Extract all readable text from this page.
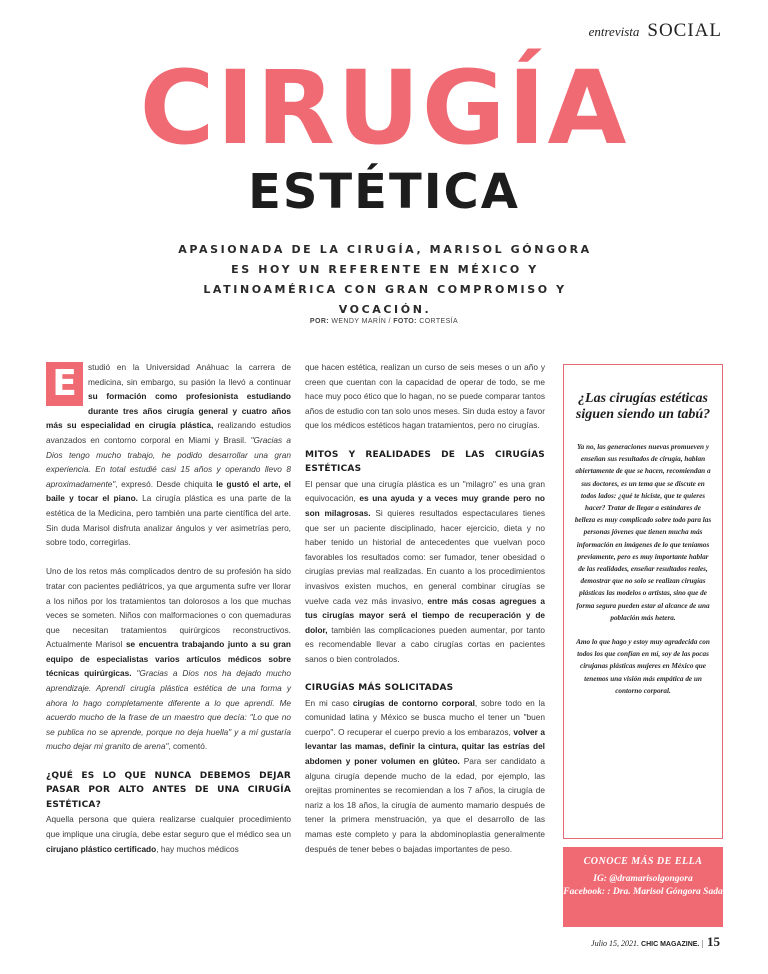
entrevista SOCIAL
CIRUGÍA
ESTÉTICA
APASIONADA DE LA CIRUGÍA, MARISOL GÓNGORA ES HOY UN REFERENTE EN MÉXICO Y LATINOAMÉRICA CON GRAN COMPROMISO Y VOCACIÓN.
POR: WENDY MARÍN / FOTO: CORTESÍA

E	studió en la Universidad Anáhuac la carrera de medicina, sin embargo, su pasión la llevó a continuar su formación como profesionista estudiando durante tres años cirugía general y cuatro años más su especialidad en cirugía plástica, realizando estudios avanzados en contorno corporal en Miami y Brasil. "Gracias a Dios tengo mucho trabajo, he podido desarrollar una gran experiencia. En total estudié casi 15 años y operando llevo 8 aproximadamente", expresó. Desde chiquita le gustó el arte, el baile y tocar el piano. La cirugía plástica es una parte de la estética de la Medicina, pero también una parte científica del arte. Sin duda Marisol disfruta analizar ángulos y ver asimetrías pero, sobre todo, corregirlas.

Uno de los retos más complicados dentro de su profesión ha sido tratar con pacientes pediátricos, ya que argumenta sufre ver llorar a los niños por los tratamientos tan dolorosos a los que muchas veces se someten. Niños con malformaciones o con quemaduras que necesitan tratamientos quirúrgicos reconstructivos. Actualmente Marisol se encuentra trabajando junto a su gran equipo de especialistas varios artículos médicos sobre técnicas quirúrgicas. "Gracias a Dios nos ha dejado mucho aprendizaje. Aprendí cirugía plástica estética de una forma y ahora lo hago completamente diferente a lo que aprendí. Me acuerdo mucho de la frase de un maestro que decía: "Lo que no se publica no se aprende, porque no deja huella" y a mí gustaría mucho dejar mi granito de arena", comentó.

¿QUÉ ES LO QUE NUNCA DEBEMOS DEJAR PASAR POR ALTO ANTES DE UNA CIRUGÍA ESTÉTICA?

Aquella persona que quiera realizarse cualquier procedimiento que implique una cirugía, debe estar seguro que el médico sea un cirujano plástico certificado, hay muchos médicos

que hacen estética, realizan un curso de seis meses o un año y creen que cuentan con la capacidad de operar de todo, se me hace muy poco ético que lo hagan, no se puede comparar tantos años de estudio con tan solo unos meses. Sin duda estoy a favor que los médicos estéticos hagan tratamientos, pero no cirugías.

MITOS Y REALIDADES DE LAS CIRUGÍAS ESTÉTICAS

El pensar que una cirugía plástica es un "milagro" es una gran equivocación, es una ayuda y a veces muy grande pero no son milagrosas. Si quieres resultados espectaculares tienes que ser un paciente disciplinado, hacer ejercicio, dieta y no haber tenido un historial de antecedentes que vuelvan poco favorables los resultados como: ser fumador, tener obesidad o cirugías previas mal realizadas. En cuanto a los procedimientos invasivos existen muchos, en general combinar cirugías se vuelve cada vez más invasivo, entre más cosas agregues a tus cirugías mayor será el tiempo de recuperación y de dolor, también las complicaciones pueden aumentar, por tanto es recomendable llevar a cabo cirugías cortas en pacientes sanos o bien controlados.

CIRUGÍAS MÁS SOLICITADAS

En mi caso cirugías de contorno corporal, sobre todo en la comunidad latina y México se busca mucho el tener un "buen cuerpo". O recuperar el cuerpo previo a los embarazos, volver a levantar las mamas, definir la cintura, quitar las estrías del abdomen y poner volumen en glúteo. Para ser candidato a alguna cirugía depende mucho de la edad, por ejemplo, las orejitas prominentes se recomiendan a los 7 años, la cirugía de nariz a los 18 años, la cirugía de aumento mamario después de tener la primera menstruación, ya que el desarrollo de las mamas este completo y para la abdominoplastia generalmente después de tener bebes o bajadas importantes de peso.

¿Las cirugías estéticas siguen siendo un tabú?

Ya no, las generaciones nuevas promueven y enseñan sus resultados de cirugía, hablan abiertamente de que se hacen, recomiendan a sus doctores, es un tema que se discute en todos lados: ¿qué te hiciste, que te quieres hacer? Tratar de llegar a estándares de belleza es muy complicado sobre todo para las personas jóvenes que tienen mucha más información en imágenes de lo que teníamos previamente, pero es muy importante hablar de las realidades, enseñar resultados reales, demostrar que no solo se realizan cirugías plásticas las modelos o artistas, sino que de forma segura pueden estar al alcance de una población más hetera.

Amo lo que hago y estoy muy agradecida con todos los que confían en mí, soy de las pocas cirujanas plásticas mujeres en México que tenemos una visión más empática de un contorno corporal.

CONOCE MÁS DE ELLA
IG: @dramarisolgongora
Facebook: : Dra. Marisol Góngora Sada
Julio 15, 2021. CHIC MAGAZINE. | 15
